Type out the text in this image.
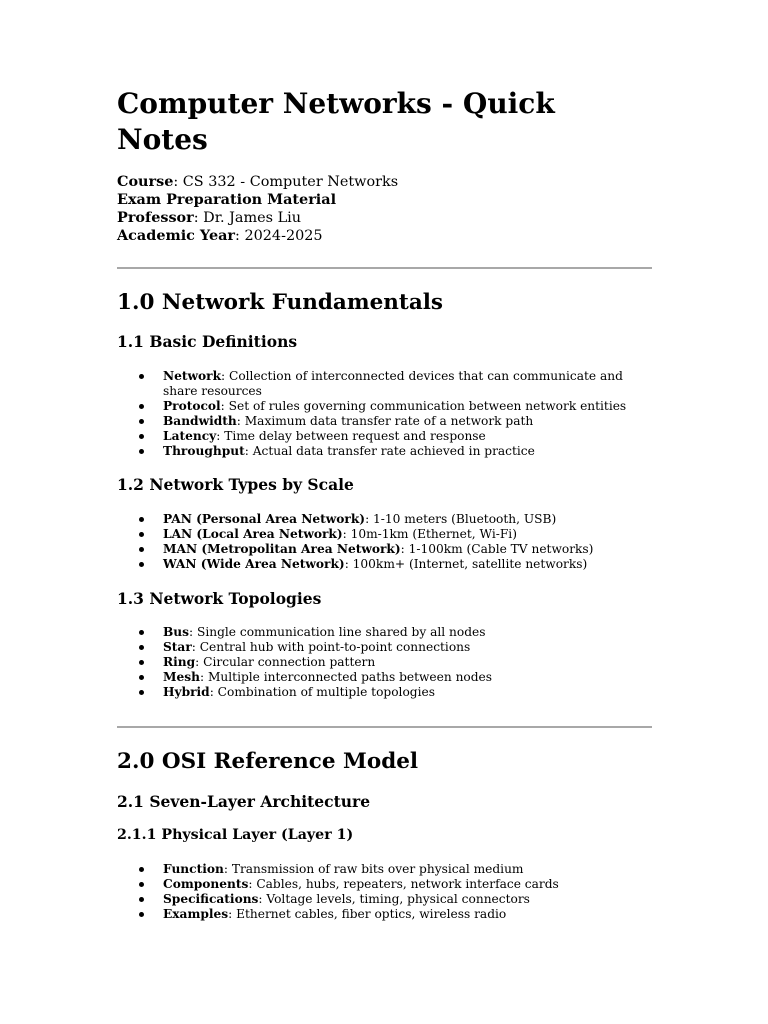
Computer Networks - Quick Notes
Course: CS 332 - Computer Networks
Exam Preparation Material
Professor: Dr. James Liu
Academic Year: 2024-2025
1.0 Network Fundamentals
1.1 Basic Definitions
Network: Collection of interconnected devices that can communicate and share resources
Protocol: Set of rules governing communication between network entities
Bandwidth: Maximum data transfer rate of a network path
Latency: Time delay between request and response
Throughput: Actual data transfer rate achieved in practice
1.2 Network Types by Scale
PAN (Personal Area Network): 1-10 meters (Bluetooth, USB)
LAN (Local Area Network): 10m-1km (Ethernet, Wi-Fi)
MAN (Metropolitan Area Network): 1-100km (Cable TV networks)
WAN (Wide Area Network): 100km+ (Internet, satellite networks)
1.3 Network Topologies
Bus: Single communication line shared by all nodes
Star: Central hub with point-to-point connections
Ring: Circular connection pattern
Mesh: Multiple interconnected paths between nodes
Hybrid: Combination of multiple topologies
2.0 OSI Reference Model
2.1 Seven-Layer Architecture
2.1.1 Physical Layer (Layer 1)
Function: Transmission of raw bits over physical medium
Components: Cables, hubs, repeaters, network interface cards
Specifications: Voltage levels, timing, physical connectors
Examples: Ethernet cables, fiber optics, wireless radio
